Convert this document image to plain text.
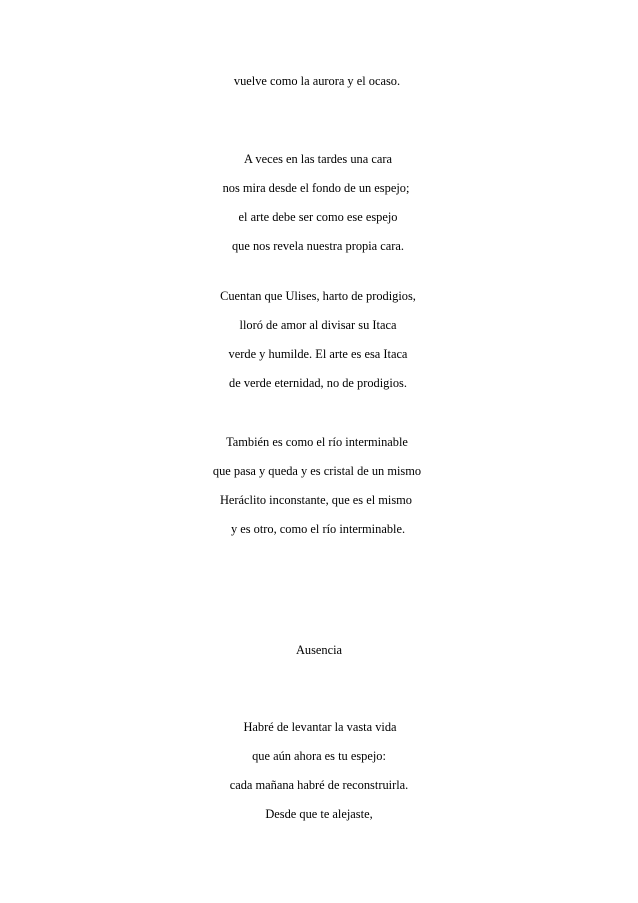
vuelve como la aurora y el ocaso.
A veces en las tardes una cara
nos mira desde el fondo de un espejo;
el arte debe ser como ese espejo
que nos revela nuestra propia cara.
Cuentan que Ulises, harto de prodigios,
lloró de amor al divisar su Itaca
verde y humilde. El arte es esa Itaca
de verde eternidad, no de prodigios.
También es como el río interminable
que pasa y queda y es cristal de un mismo
Heráclito inconstante, que es el mismo
y es otro, como el río interminable.
Ausencia
Habré de levantar la vasta vida
que aún ahora es tu espejo:
cada mañana habré de reconstruirla.
Desde que te alejaste,
